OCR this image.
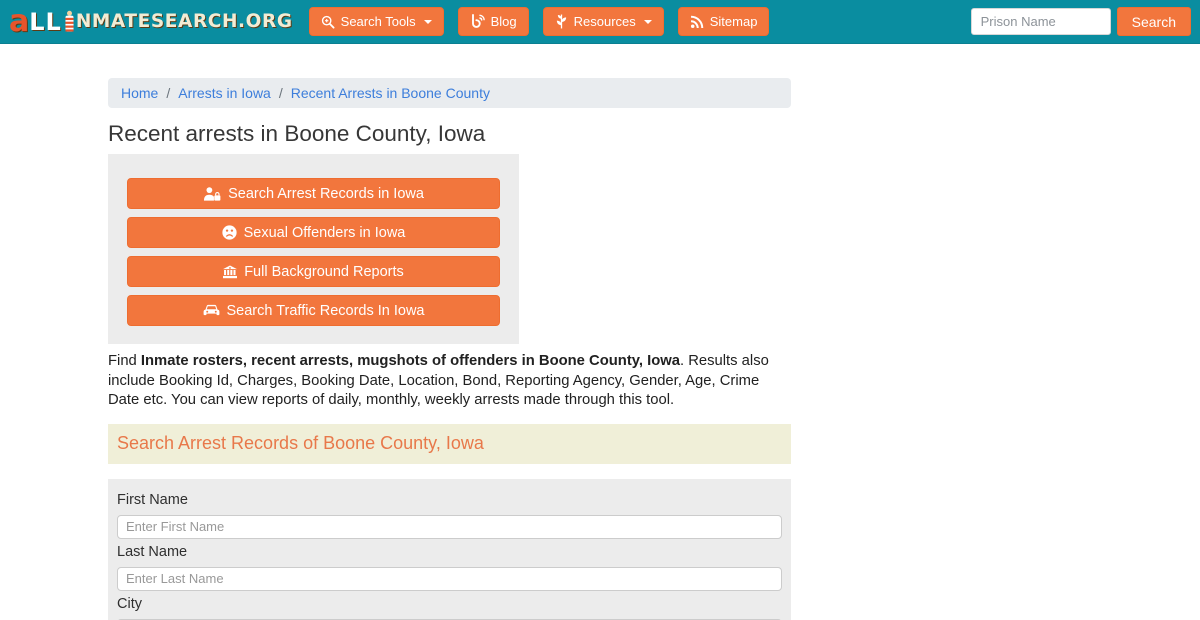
a LL NMATESEARCH.ORG	Search Tools	Blog	Resources	Sitemap
Prison Name	Search
Home / Arrests in Iowa / Recent Arrests in Boone County
Recent arrests in Boone County, Iowa
Search Arrest Records in Iowa
Sexual Offenders in Iowa
Full Background Reports
Search Traffic Records In Iowa

Find Inmate rosters, recent arrests, mugshots of offenders in Boone County, Iowa. Results also include Booking Id, Charges, Booking Date, Location, Bond, Reporting Agency, Gender, Age, Crime Date etc. You can view reports of daily, monthly, weekly arrests made through this tool.

Search Arrest Records of Boone County, Iowa
First Name
Enter First Name
Last Name
Enter Last Name
City
Enter City Name
